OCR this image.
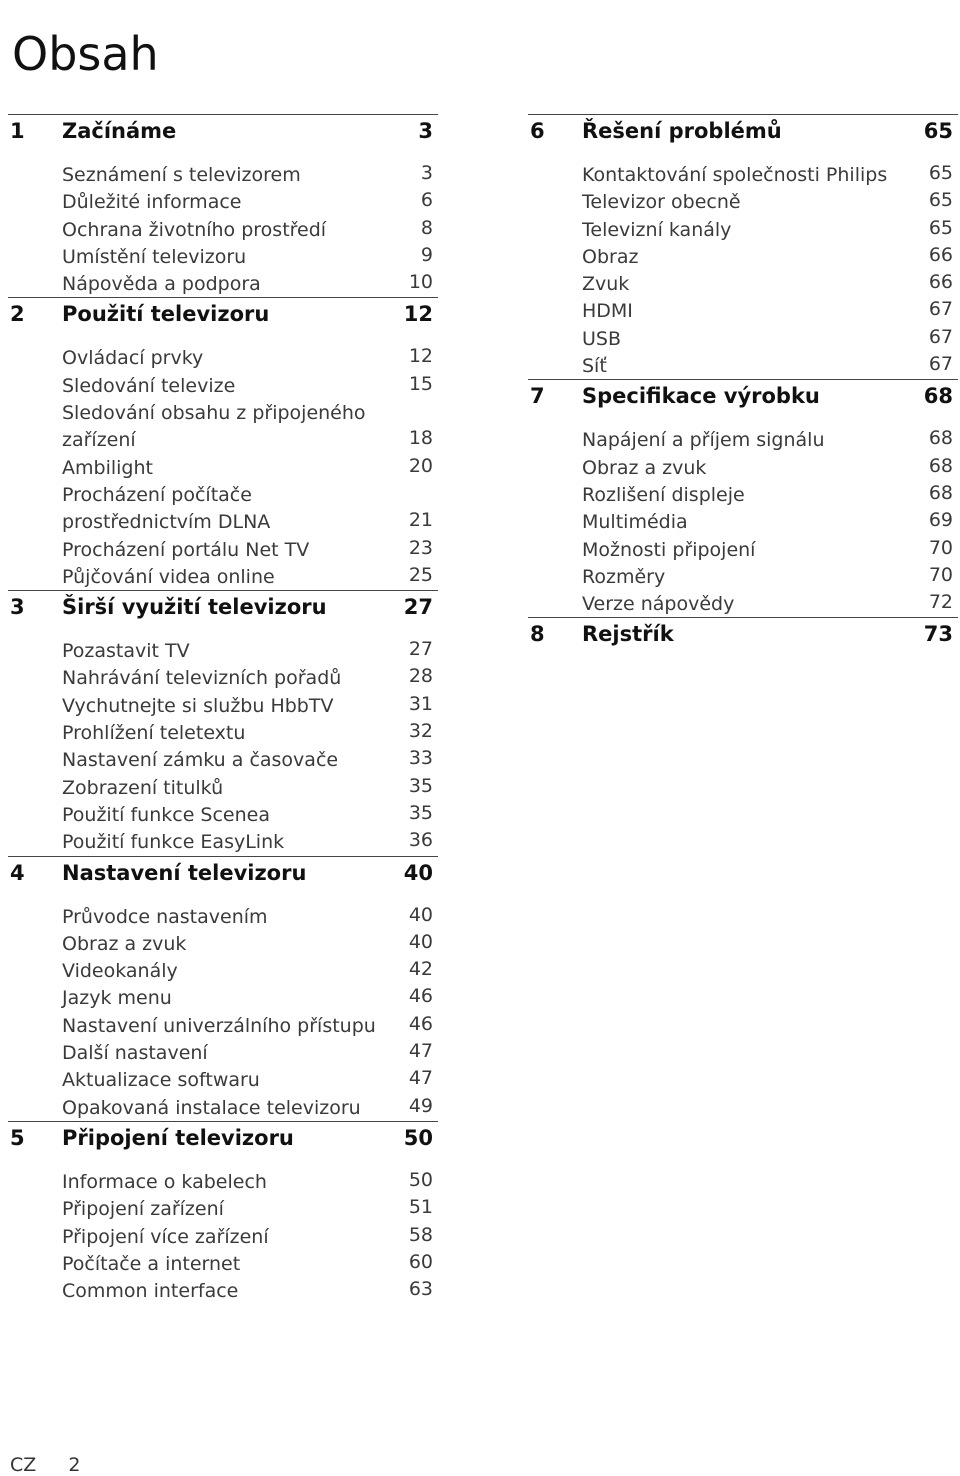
Obsah
1 Začínáme	3
Seznámení s televizorem	3
Důležité informace	6
Ochrana životního prostředí	8
Umístění televizoru	9
Nápověda a podpora	10
2 Použití televizoru	12
Ovládací prvky	12
Sledování televize	15
Sledování obsahu z připojeného zařízení	18
Ambilight	20
Procházení počítače prostřednictvím DLNA	21
Procházení portálu Net TV	23
Půjčování videa online	25
3 Širší využití televizoru	27
Pozastavit TV	27
Nahrávání televizních pořadů	28
Vychutnejte si službu HbbTV	31
Prohlížení teletextu	32
Nastavení zámku a časovače	33
Zobrazení titulků	35
Použití funkce Scenea	35
Použití funkce EasyLink	36
4 Nastavení televizoru	40
Průvodce nastavením	40
Obraz a zvuk	40
Videokanály	42
Jazyk menu	46
Nastavení univerzálního přístupu	46
Další nastavení	47
Aktualizace softwaru	47
Opakovaná instalace televizoru	49
5 Připojení televizoru	50
Informace o kabelech	50
Připojení zařízení	51
Připojení více zařízení	58
Počítače a internet	60
Common interface	63
6 Řešení problémů	65
Kontaktování společnosti Philips	65
Televizor obecně	65
Televizní kanály	65
Obraz	66
Zvuk	66
HDMI	67
USB	67
Síť	67
7 Specifikace výrobku	68
Napájení a příjem signálu	68
Obraz a zvuk	68
Rozlišení displeje	68
Multimédia	69
Možnosti připojení	70
Rozměry	70
Verze nápovědy	72
8 Rejstřík	73
CZ 2
